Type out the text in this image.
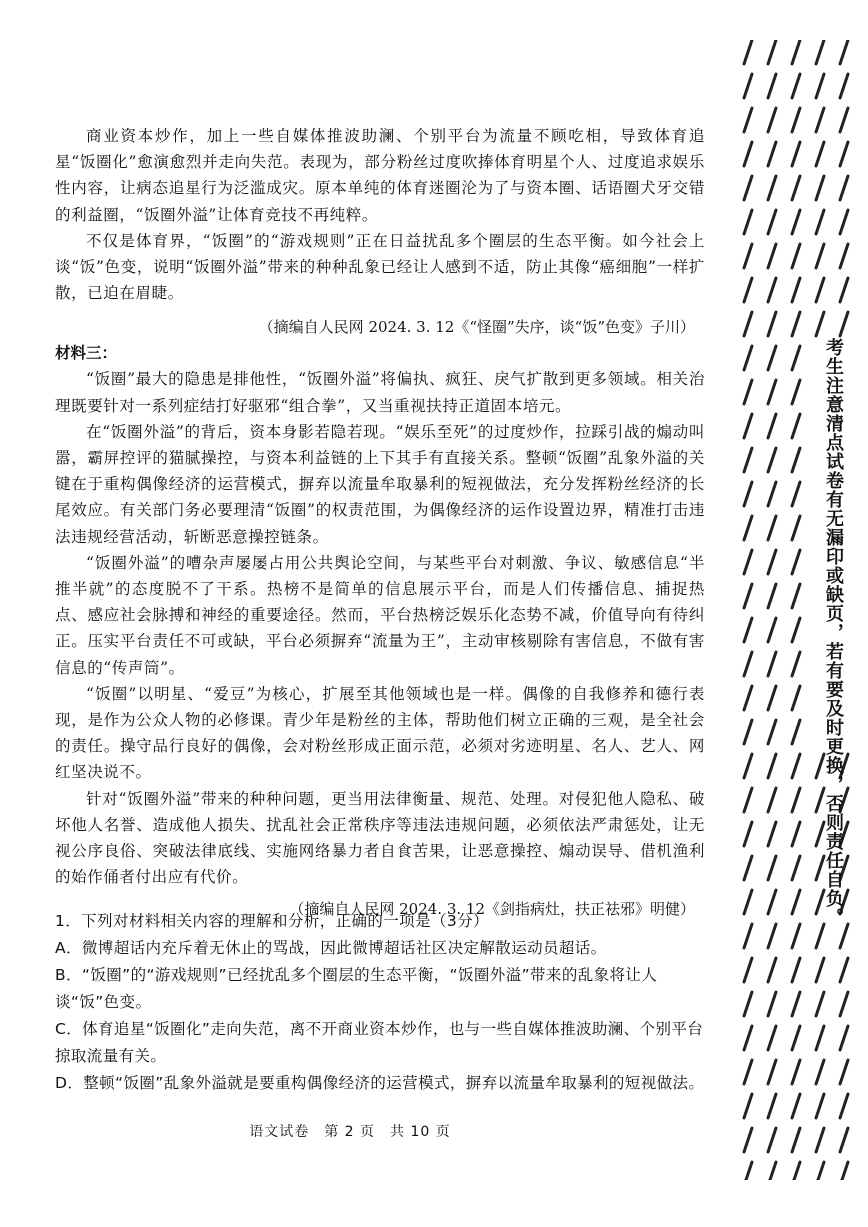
商业资本炒作，加上一些自媒体推波助澜、个别平台为流量不顾吃相，导致体育追星“饭圈化”愈演愈烈并走向失范。表现为，部分粉丝过度吹捧体育明星个人、过度追求娱乐性内容，让病态追星行为泛滥成灾。原本单纯的体育迷圈沦为了与资本圈、话语圈犬牙交错的利益圈，“饭圈外溢”让体育竞技不再纯粹。

不仅是体育界，“饭圈”的“游戏规则”正在日益扰乱多个圈层的生态平衡。如今社会上谈“饭”色变，说明“饭圈外溢”带来的种种乱象已经让人感到不适，防止其像“癌细胞”一样扩散，已迫在眉睫。

（摘编自人民网 2024. 3. 12《“怪圈”失序，谈“饭”色变》子川）

材料三：

“饭圈”最大的隐患是排他性，“饭圈外溢”将偏执、疯狂、戾气扩散到更多领域。相关治理既要针对一系列症结打好驱邪“组合拳”，又当重视扶持正道固本培元。

在“饭圈外溢”的背后，资本身影若隐若现。“娱乐至死”的过度炒作，拉踩引战的煽动叫嚣，霸屏控评的猫腻操控，与资本利益链的上下其手有直接关系。整顿“饭圈”乱象外溢的关键在于重构偶像经济的运营模式，摒弃以流量牟取暴利的短视做法，充分发挥粉丝经济的长尾效应。有关部门务必要理清“饭圈”的权责范围，为偶像经济的运作设置边界，精准打击违法违规经营活动，斩断恶意操控链条。

“饭圈外溢”的嘈杂声屡屡占用公共舆论空间，与某些平台对刺激、争议、敏感信息“半推半就”的态度脱不了干系。热榜不是简单的信息展示平台，而是人们传播信息、捕捉热点、感应社会脉搏和神经的重要途径。然而，平台热榜泛娱乐化态势不减，价值导向有待纠正。压实平台责任不可或缺，平台必须摒弃“流量为王”，主动审核剔除有害信息，不做有害信息的“传声筒”。

“饭圈”以明星、“爱豆”为核心，扩展至其他领域也是一样。偶像的自我修养和德行表现，是作为公众人物的必修课。青少年是粉丝的主体，帮助他们树立正确的三观，是全社会的责任。操守品行良好的偶像，会对粉丝形成正面示范，必须对劣迹明星、名人、艺人、网红坚决说不。

针对“饭圈外溢”带来的种种问题，更当用法律衡量、规范、处理。对侵犯他人隐私、破坏他人名誉、造成他人损失、扰乱社会正常秩序等违法违规问题，必须依法严肃惩处，让无视公序良俗、突破法律底线、实施网络暴力者自食苦果，让恶意操控、煽动误导、借机渔利的始作俑者付出应有代价。

（摘编自人民网 2024. 3. 12《剑指病灶，扶正祛邪》明健）

1．下列对材料相关内容的理解和分析，正确的一项是（3分）

A．微博超话内充斥着无休止的骂战，因此微博超话社区决定解散运动员超话。

B．“饭圈”的“游戏规则”已经扰乱多个圈层的生态平衡，“饭圈外溢”带来的乱象将让人谈“饭”色变。

C．体育追星“饭圈化”走向失范，离不开商业资本炒作，也与一些自媒体推波助澜、个别平台掠取流量有关。

D．整顿“饭圈”乱象外溢就是要重构偶像经济的运营模式，摒弃以流量牟取暴利的短视做法。

语文试卷　第 2 页　共 10 页
考生注意清点试卷有无漏印或缺页，若有要及时更换，否则责任自负。
